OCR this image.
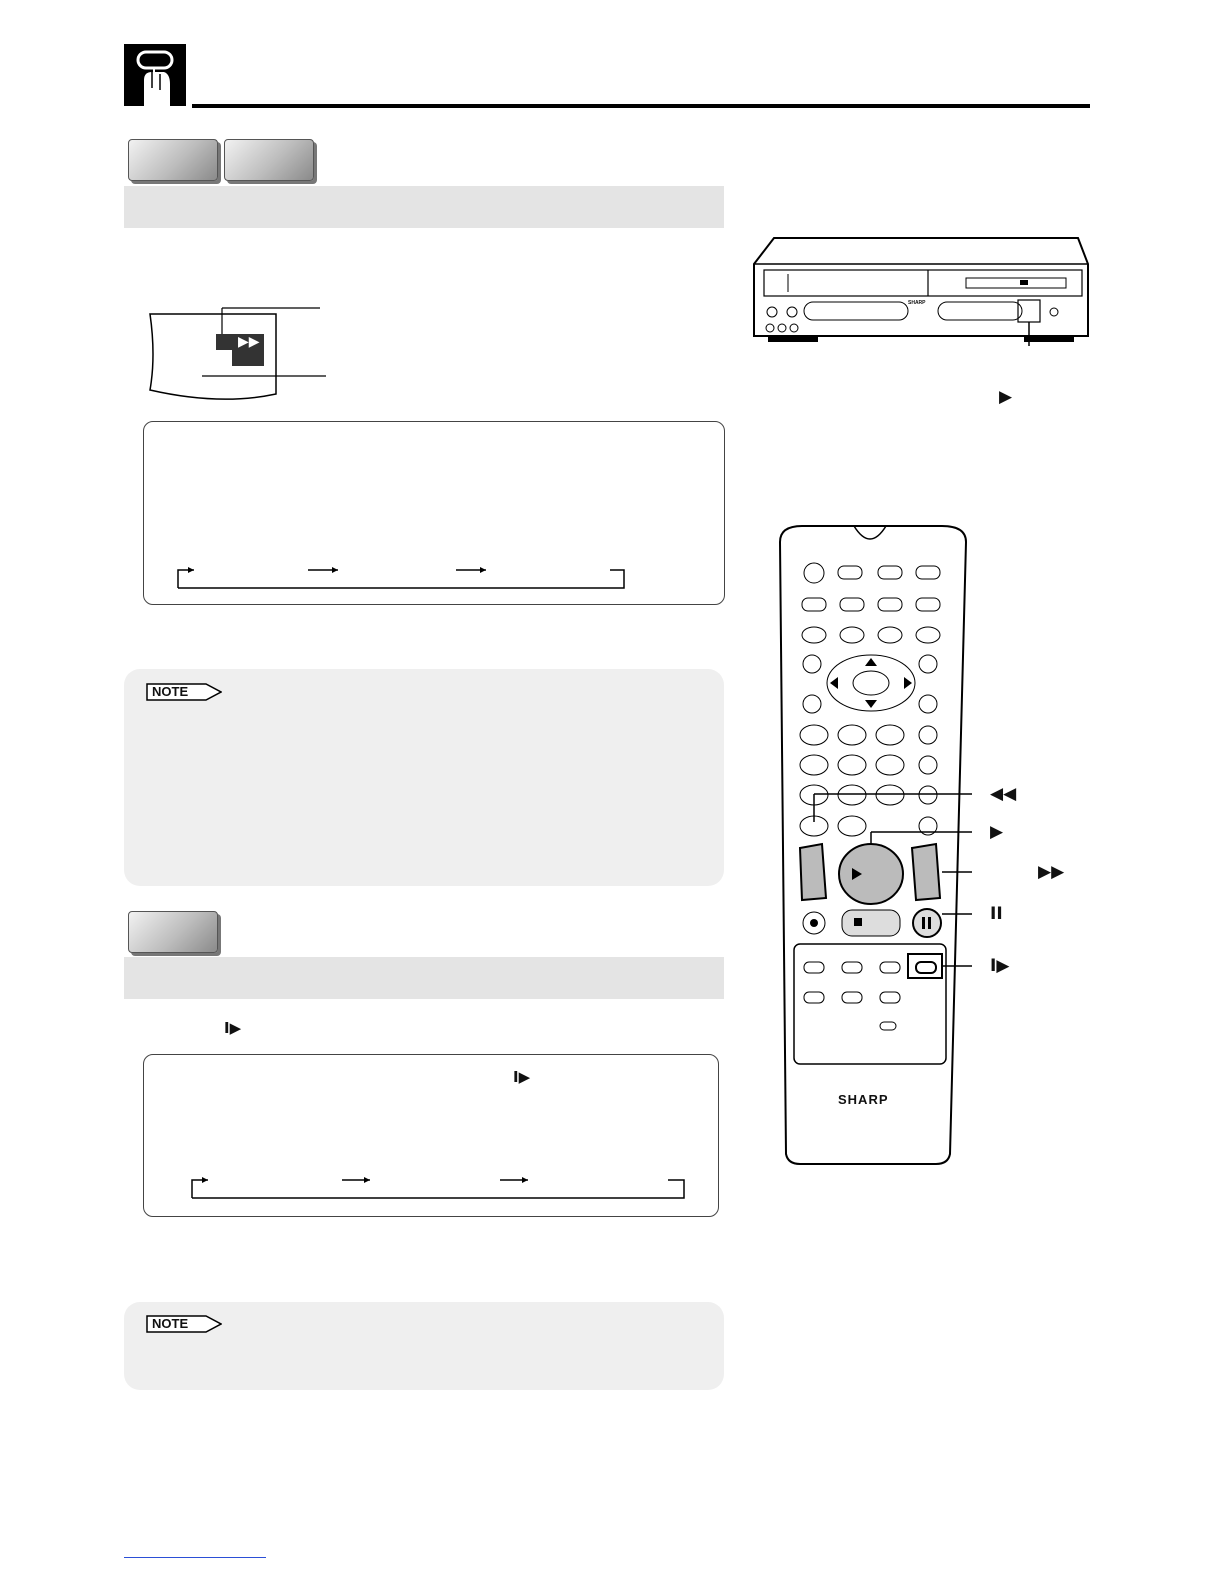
▶▶
NOTE
I▶
I▶
NOTE
SHARP
▶
SHARP
◀◀
▶
▶▶
II
I▶
